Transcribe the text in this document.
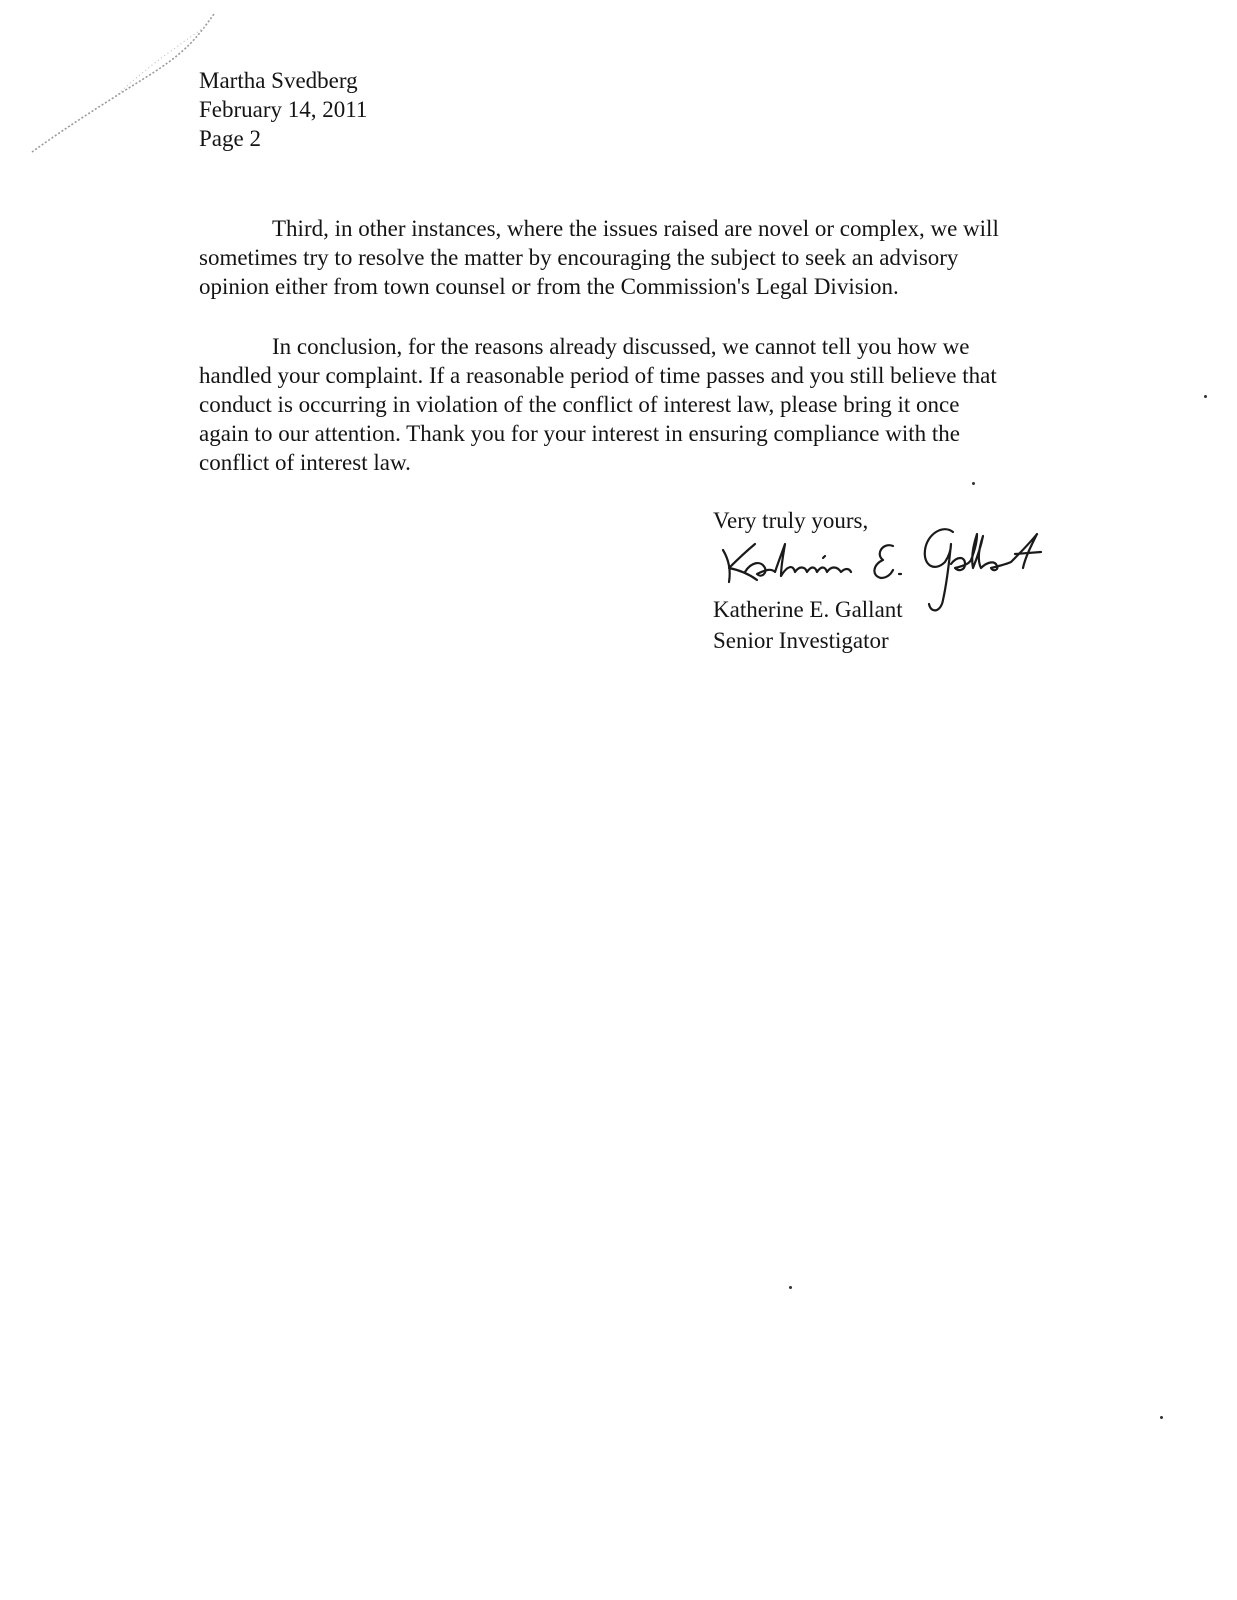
Martha Svedberg
February 14, 2011
Page 2

Third, in other instances, where the issues raised are novel or complex, we will
sometimes try to resolve the matter by encouraging the subject to seek an advisory
opinion either from town counsel or from the Commission's Legal Division.

In conclusion, for the reasons already discussed, we cannot tell you how we
handled your complaint. If a reasonable period of time passes and you still believe that
conduct is occurring in violation of the conflict of interest law, please bring it once
again to our attention. Thank you for your interest in ensuring compliance with the
conflict of interest law.

Very truly yours,
Katherine E. Gallant
Senior Investigator
